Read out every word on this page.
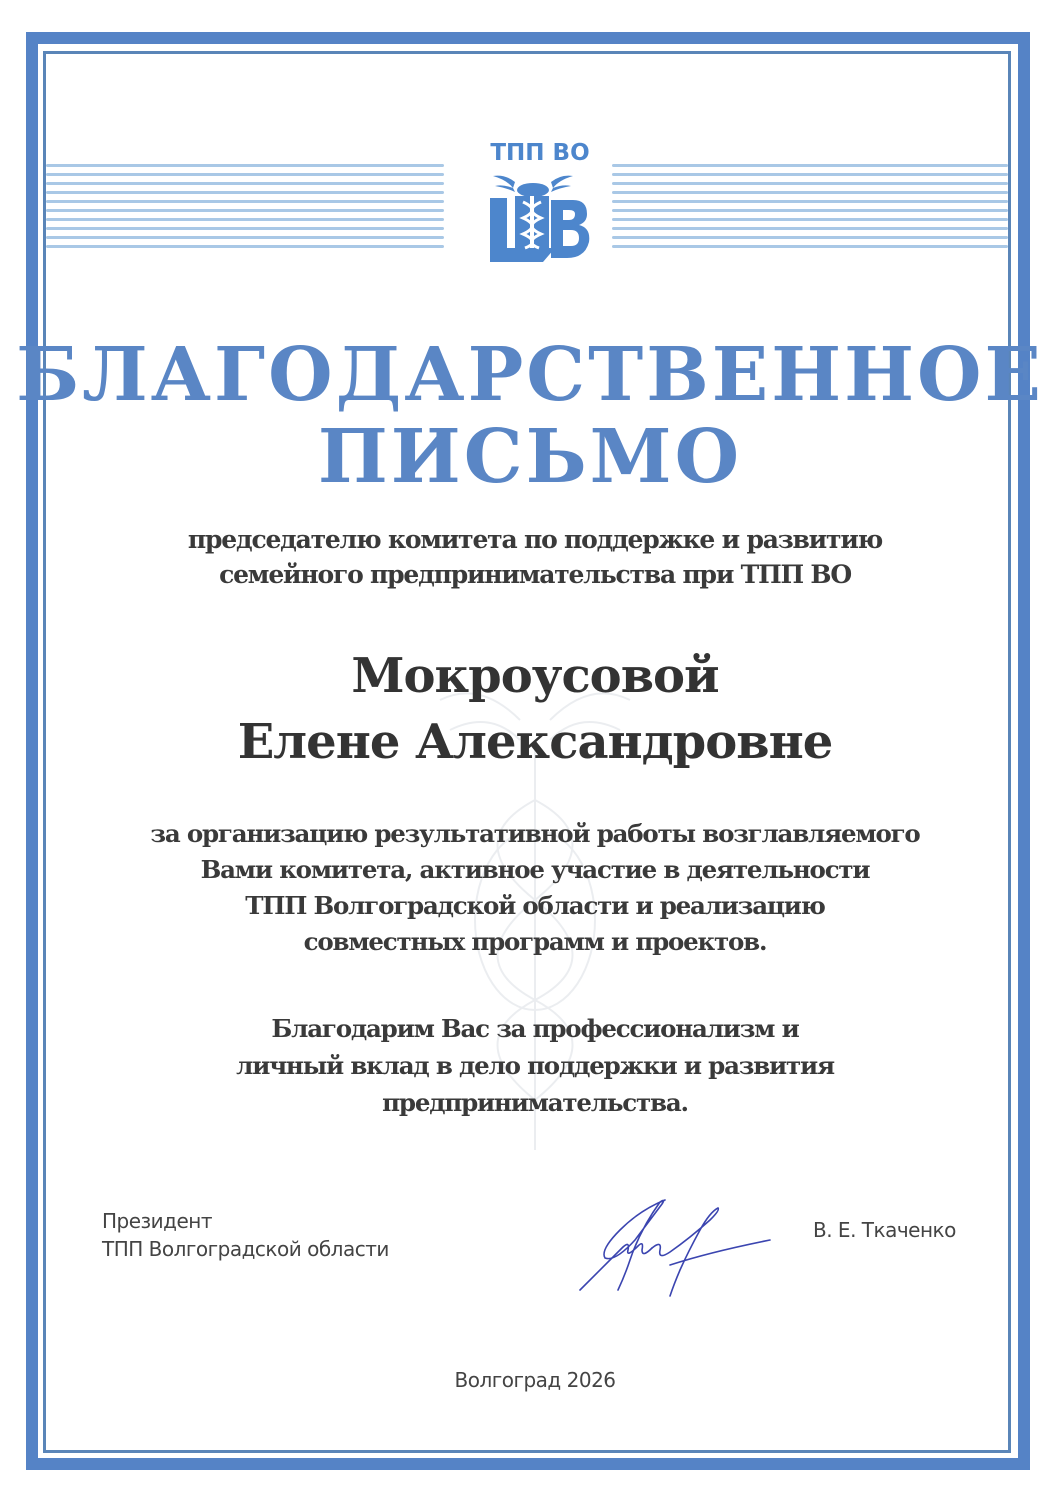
ТПП ВО
БЛАГОДАРСТВЕННОЕ
ПИСЬМО
председателю комитета по поддержке и развитию
семейного предпринимательства при ТПП ВО
Мокроусовой
Елене Александровне
за организацию результативной работы возглавляемого
Вами комитета, активное участие в деятельности
ТПП Волгоградской области и реализацию
совместных программ и проектов.
Благодарим Вас за профессионализм и
личный вклад в дело поддержки и развития
предпринимательства.
Президент
ТПП Волгоградской области
В. Е. Ткаченко
Волгоград 2026
